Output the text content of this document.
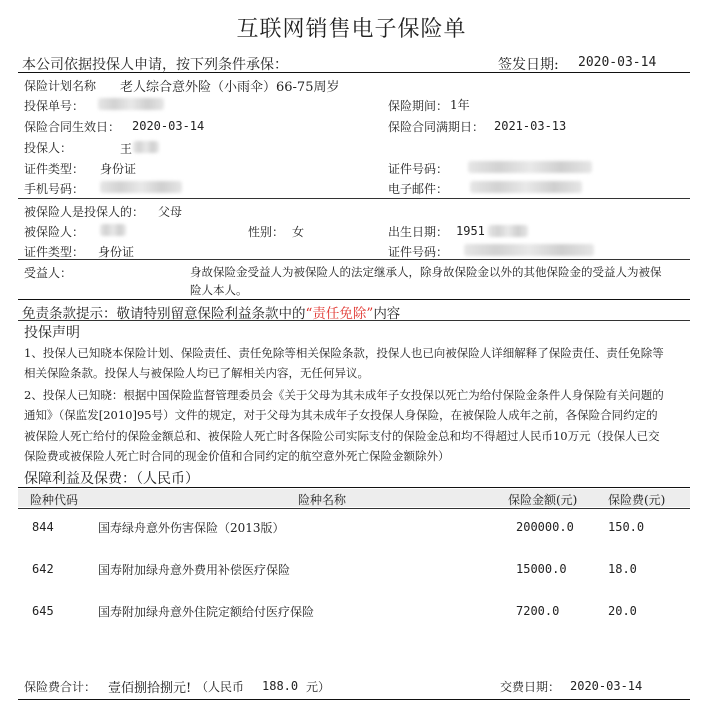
互联网销售电子保险单
本公司依据投保人申请，按下列条件承保：	签发日期: 2020-03-14
保险计划名称 老人综合意外险（小雨伞）66-75周岁
投保单号：	保险期间： 1年
保险合同生效日： 2020-03-14	保险合同满期日： 2021-03-13
投保人：	王
证件类型： 身份证	证件号码：
手机号码：	电子邮件：
被保险人是投保人的： 父母
被保险人：	性别： 女	出生日期： 1951
证件类型： 身份证	证件号码：
受益人：	身故保险金受益人为被保险人的法定继承人，除身故保险金以外的其他保险金的受益人为被保
险人本人。
免责条款提示：敬请特别留意保险利益条款中的“责任免除”内容
投保声明
1、投保人已知晓本保险计划、保险责任、责任免除等相关保险条款，投保人也已向被保险人详细解释了保险责任、责任免除等
相关保险条款。投保人与被保险人均已了解相关内容，无任何异议。
2、投保人已知晓：根据中国保险监督管理委员会《关于父母为其未成年子女投保以死亡为给付保险金条件人身保险有关问题的
通知》（保监发[2010]95号）文件的规定，对于父母为其未成年子女投保人身保险，在被保险人成年之前，各保险合同约定的
被保险人死亡给付的保险金额总和、被保险人死亡时各保险公司实际支付的保险金总和均不得超过人民币10万元（投保人已交
保险费或被保险人死亡时合同的现金价值和合同约定的航空意外死亡保险金额除外）
保障利益及保费：（人民币）
险种代码	险种名称	保险金额(元)	保险费(元)
844	国寿绿舟意外伤害保险（2013版）	200000.0	150.0
642	国寿附加绿舟意外费用补偿医疗保险	15000.0	18.0
645	国寿附加绿舟意外住院定额给付医疗保险	7200.0	20.0
保险费合计： 壹佰捌拾捌元! （人民币 188.0 元）	交费日期： 2020-03-14
